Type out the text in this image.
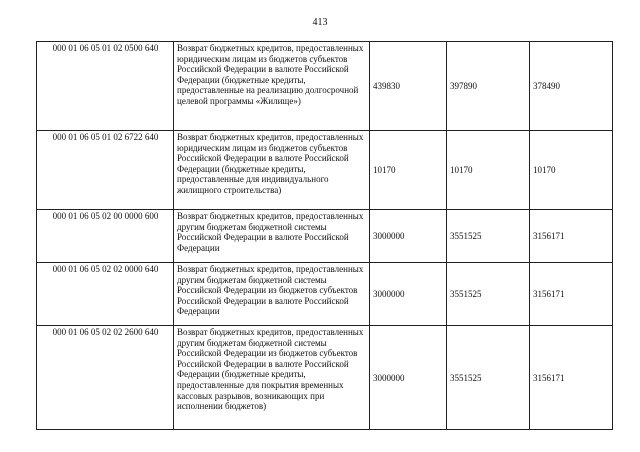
413
000 01 06 05 01 02 0500 640	Возврат бюджетных кредитов, предоставленных юридическим лицам из бюджетов субъектов Российской Федерации в валюте Российской Федерации (бюджетные кредиты, предоставленные на реализацию долгосрочной целевой программы «Жилище»)	439830	397890	378490
000 01 06 05 01 02 6722 640	Возврат бюджетных кредитов, предоставленных юридическим лицам из бюджетов субъектов Российской Федерации в валюте Российской Федерации (бюджетные кредиты, предоставленные для индивидуального жилищного строительства)	10170	10170	10170
000 01 06 05 02 00 0000 600	Возврат бюджетных кредитов, предоставленных другим бюджетам бюджетной системы Российской Федерации в валюте Российской Федерации	3000000	3551525	3156171
000 01 06 05 02 02 0000 640	Возврат бюджетных кредитов, предоставленных другим бюджетам бюджетной системы Российской Федерации из бюджетов субъектов Российской Федерации в валюте Российской Федерации	3000000	3551525	3156171
000 01 06 05 02 02 2600 640	Возврат бюджетных кредитов, предоставленных другим бюджетам бюджетной системы Российской Федерации из бюджетов субъектов Российской Федерации в валюте Российской Федерации (бюджетные кредиты, предоставленные для покрытия временных кассовых разрывов, возникающих при исполнении бюджетов)	3000000	3551525	3156171
